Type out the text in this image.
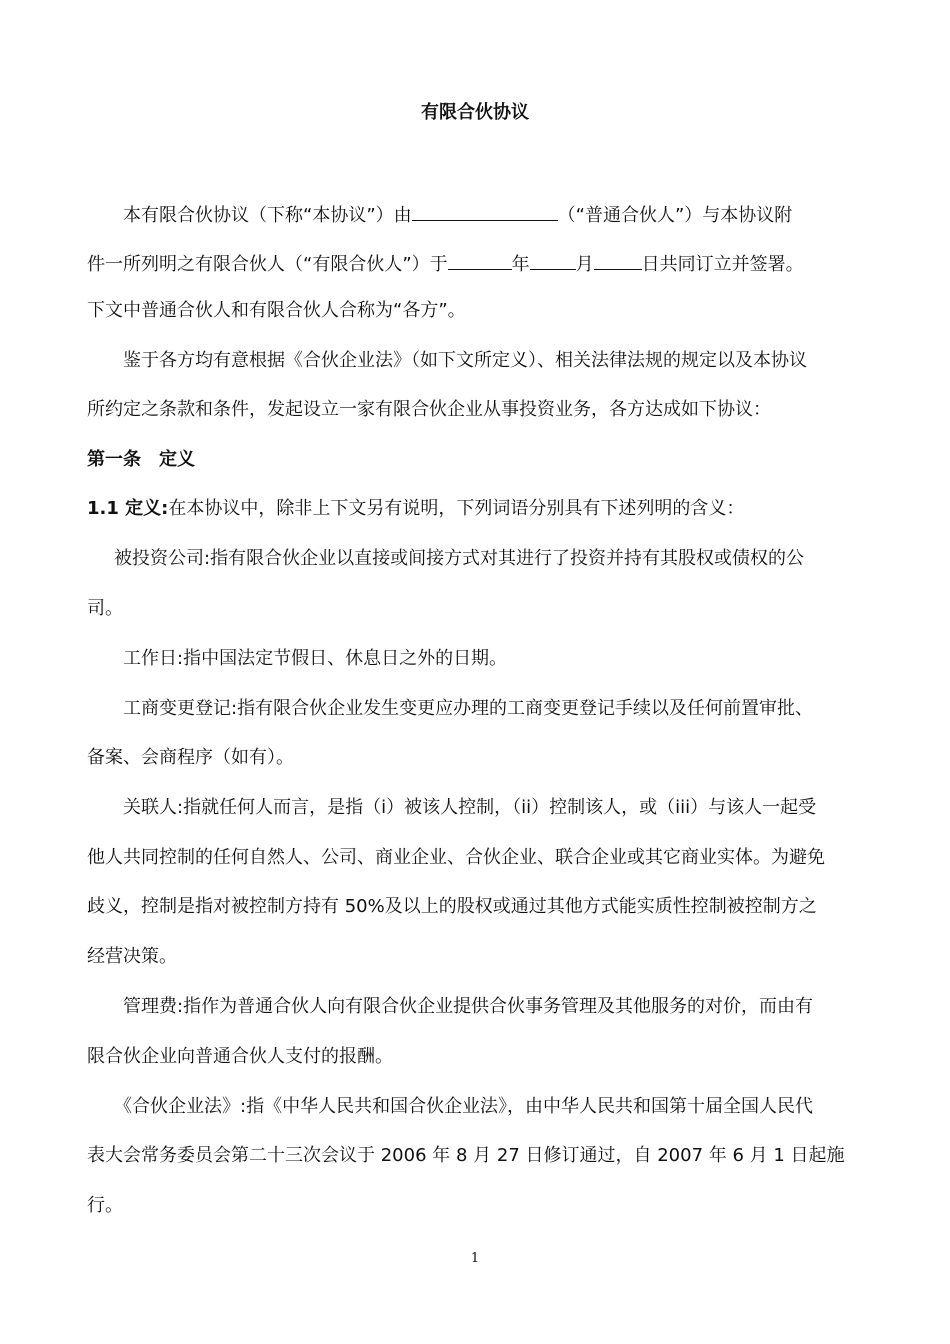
有限合伙协议
本有限合伙协议（下称“本协议”）由	（“普通合伙人”）与本协议附
件一所列明之有限合伙人（“有限合伙人”）于	年	月	日共同订立并签署。
下文中普通合伙人和有限合伙人合称为“各方”。
鉴于各方均有意根据《合伙企业法》（如下文所定义）、相关法律法规的规定以及本协议
所约定之条款和条件，发起设立一家有限合伙企业从事投资业务，各方达成如下协议：
第一条　定义
1.1 定义:在本协议中，除非上下文另有说明，下列词语分别具有下述列明的含义：
被投资公司:指有限合伙企业以直接或间接方式对其进行了投资并持有其股权或债权的公
司。
工作日:指中国法定节假日、休息日之外的日期。
工商变更登记:指有限合伙企业发生变更应办理的工商变更登记手续以及任何前置审批、
备案、会商程序（如有）。
关联人:指就任何人而言，是指（i）被该人控制，（ii）控制该人，或（iii）与该人一起受
他人共同控制的任何自然人、公司、商业企业、合伙企业、联合企业或其它商业实体。为避免
歧义，控制是指对被控制方持有 50%及以上的股权或通过其他方式能实质性控制被控制方之
经营决策。
管理费:指作为普通合伙人向有限合伙企业提供合伙事务管理及其他服务的对价，而由有
限合伙企业向普通合伙人支付的报酬。
《合伙企业法》:指《中华人民共和国合伙企业法》，由中华人民共和国第十届全国人民代
表大会常务委员会第二十三次会议于 2006 年 8 月 27 日修订通过，自 2007 年 6 月 1 日起施
行。
1
